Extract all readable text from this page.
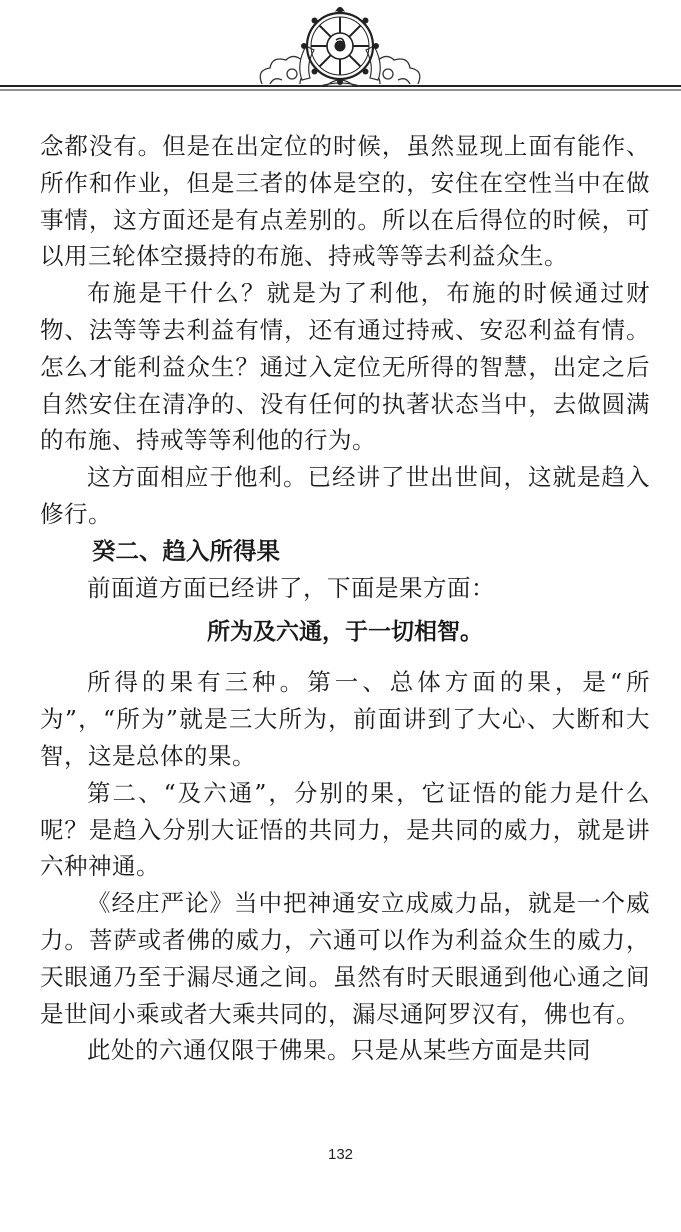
念都没有。但是在出定位的时候，虽然显现上面有能作、所作和作业，但是三者的体是空的，安住在空性当中在做事情，这方面还是有点差别的。所以在后得位的时候，可以用三轮体空摄持的布施、持戒等等去利益众生。

布施是干什么？就是为了利他，布施的时候通过财物、法等等去利益有情，还有通过持戒、安忍利益有情。怎么才能利益众生？通过入定位无所得的智慧，出定之后自然安住在清净的、没有任何的执著状态当中，去做圆满的布施、持戒等等利他的行为。

这方面相应于他利。已经讲了世出世间，这就是趋入修行。

癸二、趋入所得果

前面道方面已经讲了，下面是果方面：

所为及六通，于一切相智。

所得的果有三种。第一、总体方面的果，是“所为”，“所为”就是三大所为，前面讲到了大心、大断和大智，这是总体的果。

第二、“及六通”，分别的果，它证悟的能力是什么呢？是趋入分别大证悟的共同力，是共同的威力，就是讲六种神通。

《经庄严论》当中把神通安立成威力品，就是一个威力。菩萨或者佛的威力，六通可以作为利益众生的威力，天眼通乃至于漏尽通之间。虽然有时天眼通到他心通之间是世间小乘或者大乘共同的，漏尽通阿罗汉有，佛也有。

此处的六通仅限于佛果。只是从某些方面是共同

132
